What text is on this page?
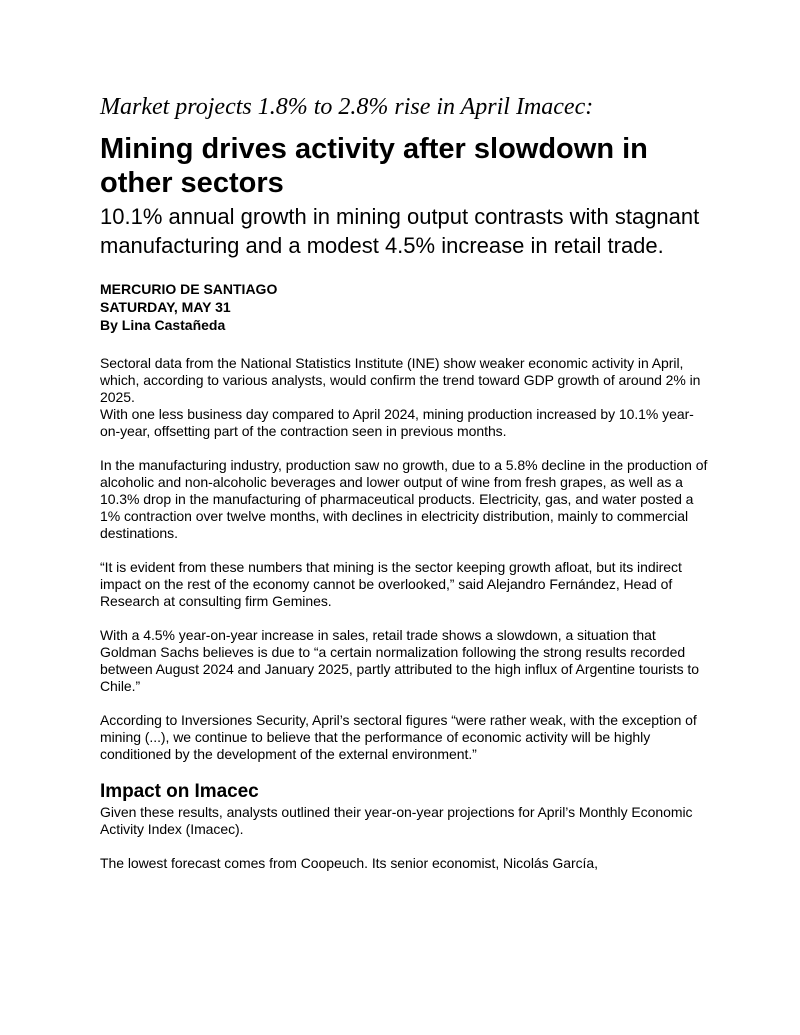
Market projects 1.8% to 2.8% rise in April Imacec:
Mining drives activity after slowdown in other sectors
10.1% annual growth in mining output contrasts with stagnant manufacturing and a modest 4.5% increase in retail trade.
MERCURIO DE SANTIAGO
SATURDAY, MAY 31
By Lina Castañeda

Sectoral data from the National Statistics Institute (INE) show weaker economic activity in April, which, according to various analysts, would confirm the trend toward GDP growth of around 2% in 2025.

With one less business day compared to April 2024, mining production increased by 10.1% year-on-year, offsetting part of the contraction seen in previous months.

In the manufacturing industry, production saw no growth, due to a 5.8% decline in the production of alcoholic and non-alcoholic beverages and lower output of wine from fresh grapes, as well as a 10.3% drop in the manufacturing of pharmaceutical products. Electricity, gas, and water posted a 1% contraction over twelve months, with declines in electricity distribution, mainly to commercial destinations.

“It is evident from these numbers that mining is the sector keeping growth afloat, but its indirect impact on the rest of the economy cannot be overlooked,” said Alejandro Fernández, Head of Research at consulting firm Gemines.

With a 4.5% year-on-year increase in sales, retail trade shows a slowdown, a situation that Goldman Sachs believes is due to “a certain normalization following the strong results recorded between August 2024 and January 2025, partly attributed to the high influx of Argentine tourists to Chile.”

According to Inversiones Security, April’s sectoral figures “were rather weak, with the exception of mining (...), we continue to believe that the performance of economic activity will be highly conditioned by the development of the external environment.”

Impact on Imacec

Given these results, analysts outlined their year-on-year projections for April’s Monthly Economic Activity Index (Imacec).

The lowest forecast comes from Coopeuch. Its senior economist, Nicolás García,
